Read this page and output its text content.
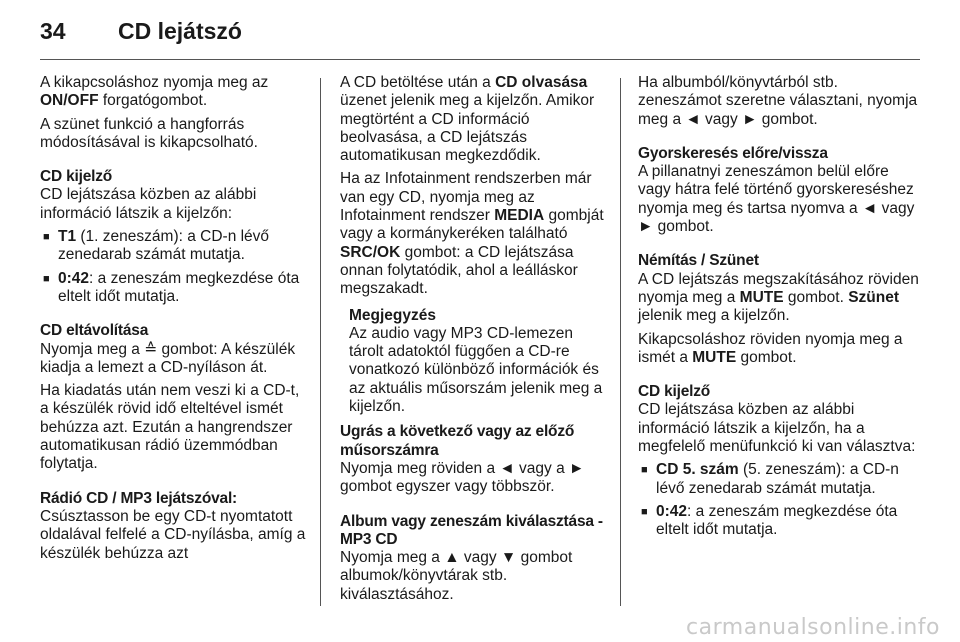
34 CD lejátszó

A kikapcsoláshoz nyomja meg az ON/OFF forgatógombot.

A szünet funkció a hangforrás módosításával is kikapcsolható.

CD kijelző

CD lejátszása közben az alábbi információ látszik a kijelzőn:

■ T1 (1. zeneszám): a CD-n lévő zenedarab számát mutatja.
■ 0:42: a zeneszám megkezdése óta eltelt időt mutatja.
CD eltávolítása

Nyomja meg a ≙ gombot: A készülék kiadja a lemezt a CD-nyíláson át.

Ha kiadatás után nem veszi ki a CD-t, a készülék rövid idő elteltével ismét behúzza azt. Ezután a hangrendszer automatikusan rádió üzemmódban folytatja.

Rádió CD / MP3 lejátszóval:

Csúsztasson be egy CD-t nyomtatott oldalával felfelé a CD-nyílásba, amíg a készülék behúzza azt

A CD betöltése után a CD olvasása üzenet jelenik meg a kijelzőn. Amikor megtörtént a CD információ beolvasása, a CD lejátszás automatikusan megkezdődik.

Ha az Infotainment rendszerben már van egy CD, nyomja meg az Infotainment rendszer MEDIA gombját vagy a kormánykeréken található SRC/OK gombot: a CD lejátszása onnan folytatódik, ahol a leálláskor megszakadt.

Megjegyzés
Az audio vagy MP3 CD-lemezen tárolt adatoktól függően a CD-re vonatkozó különböző információk és az aktuális műsorszám jelenik meg a kijelzőn.
Ugrás a következő vagy az előző műsorszámra

Nyomja meg röviden a ◄ vagy a ► gombot egyszer vagy többször.

Album vagy zeneszám kiválasztása - MP3 CD

Nyomja meg a ▲ vagy ▼ gombot albumok/könyvtárak stb. kiválasztásához.

Ha albumból/könyvtárból stb. zeneszámot szeretne választani, nyomja meg a ◄ vagy ► gombot.

Gyorskeresés előre/vissza

A pillanatnyi zeneszámon belül előre vagy hátra felé történő gyorskereséshez nyomja meg és tartsa nyomva a ◄ vagy ► gombot.

Némítás / Szünet

A CD lejátszás megszakításához röviden nyomja meg a MUTE gombot. Szünet jelenik meg a kijelzőn.

Kikapcsoláshoz röviden nyomja meg a ismét a MUTE gombot.

CD kijelző

CD lejátszása közben az alábbi információ látszik a kijelzőn, ha a megfelelő menüfunkció ki van választva:

■ CD 5. szám (5. zeneszám): a CD-n lévő zenedarab számát mutatja.
■ 0:42: a zeneszám megkezdése óta eltelt időt mutatja.
carmanualsonline.info
